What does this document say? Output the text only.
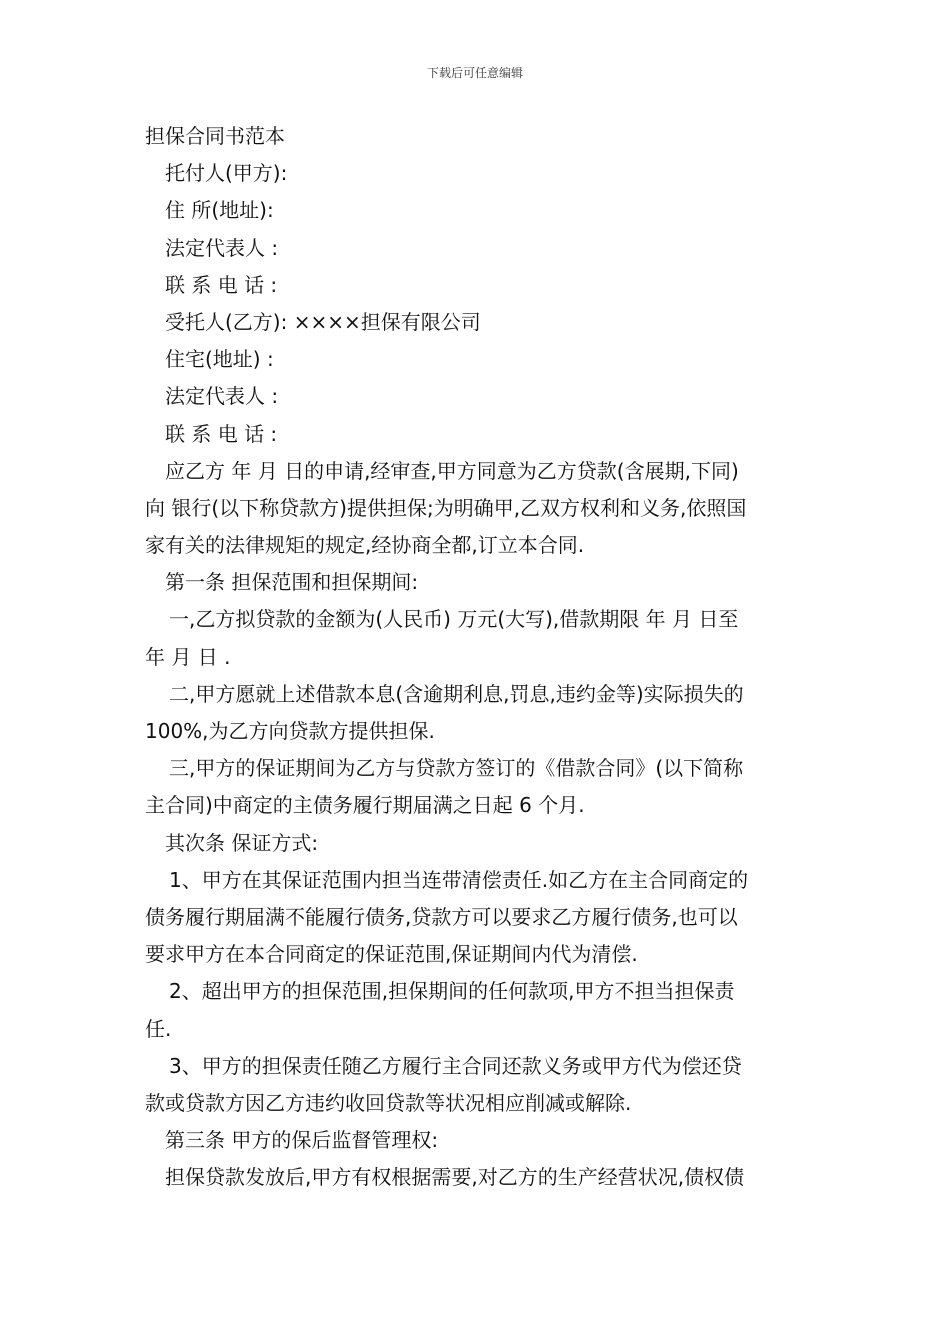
下载后可任意编辑
担保合同书范本
托付人(甲方):
住 所(地址):
法定代表人 :
联 系 电 话 :
受托人(乙方): ××××担保有限公司
住宅(地址) :
法定代表人 :
联 系 电 话 :
应乙方 年 月 日的申请,经审查,甲方同意为乙方贷款(含展期,下同)
向 银行(以下称贷款方)提供担保;为明确甲,乙双方权利和义务,依照国
家有关的法律规矩的规定,经协商全都,订立本合同.
第一条 担保范围和担保期间:
一,乙方拟贷款的金额为(人民币) 万元(大写),借款期限 年 月 日至
年 月 日 .
二,甲方愿就上述借款本息(含逾期利息,罚息,违约金等)实际损失的
100%,为乙方向贷款方提供担保.
三,甲方的保证期间为乙方与贷款方签订的《借款合同》(以下简称
主合同)中商定的主债务履行期届满之日起 6 个月.
其次条 保证方式:
1、甲方在其保证范围内担当连带清偿责任.如乙方在主合同商定的
债务履行期届满不能履行债务,贷款方可以要求乙方履行债务,也可以
要求甲方在本合同商定的保证范围,保证期间内代为清偿.
2、超出甲方的担保范围,担保期间的任何款项,甲方不担当担保责
任.
3、甲方的担保责任随乙方履行主合同还款义务或甲方代为偿还贷
款或贷款方因乙方违约收回贷款等状况相应削减或解除.
第三条 甲方的保后监督管理权:
担保贷款发放后,甲方有权根据需要,对乙方的生产经营状况,债权债
